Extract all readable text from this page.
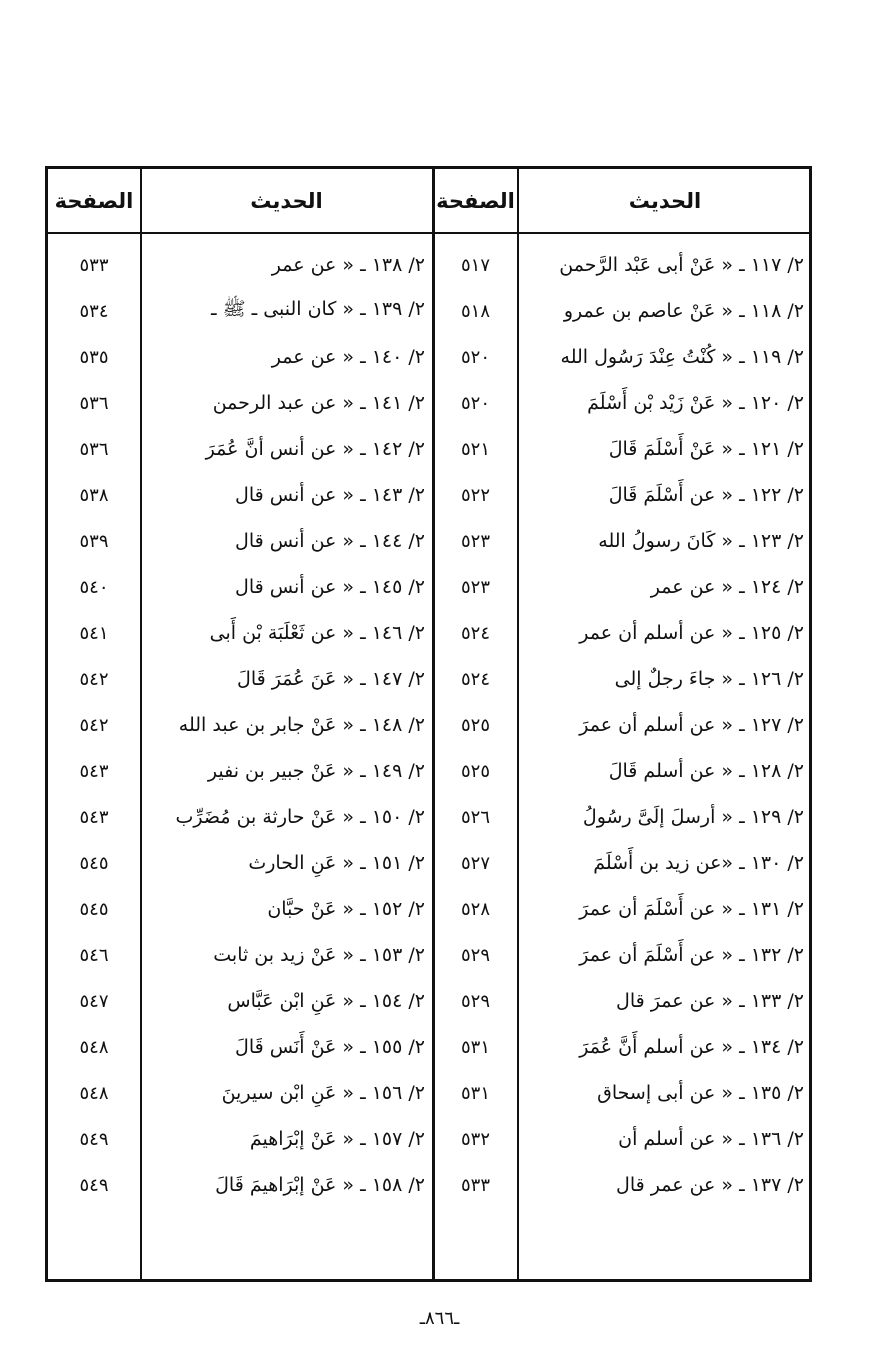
الحديث
الصفحة
الحديث
الصفحة
٢/ ١١٧ ـ « عَنْ أبى عَبْد الرَّحمن
٥١٧
٢/ ١٣٨ ـ « عن عمر
٥٣٣
٢/ ١١٨ ـ « عَنْ عاصم بن عمرو
٥١٨
٢/ ١٣٩ ـ « كان النبى ـ ﷺ ـ
٥٣٤
٢/ ١١٩ ـ « كُنْتُ عِنْدَ رَسُول الله
٥٢٠
٢/ ١٤٠ ـ « عن عمر
٥٣٥
٢/ ١٢٠ ـ « عَنْ زَيْد بْن أَسْلَمَ
٥٢٠
٢/ ١٤١ ـ « عن عبد الرحمن
٥٣٦
٢/ ١٢١ ـ « عَنْ أَسْلَمَ قَالَ
٥٢١
٢/ ١٤٢ ـ « عن أنس أنَّ عُمَرَ
٥٣٦
٢/ ١٢٢ ـ « عن أَسْلَمَ قَالَ
٥٢٢
٢/ ١٤٣ ـ « عن أنس قال
٥٣٨
٢/ ١٢٣ ـ « كَانَ رسولُ الله
٥٢٣
٢/ ١٤٤ ـ « عن أنس قال
٥٣٩
٢/ ١٢٤ ـ « عن عمر
٥٢٣
٢/ ١٤٥ ـ « عن أنس قال
٥٤٠
٢/ ١٢٥ ـ « عن أسلم أن عمر
٥٢٤
٢/ ١٤٦ ـ « عن ثَعْلَبَة بْن أَبى
٥٤١
٢/ ١٢٦ ـ « جاءَ رجلٌ إلى
٥٢٤
٢/ ١٤٧ ـ « عَنَ عُمَرَ قَالَ
٥٤٢
٢/ ١٢٧ ـ « عن أسلم أن عمرَ
٥٢٥
٢/ ١٤٨ ـ « عَنْ جابر بن عبد الله
٥٤٢
٢/ ١٢٨ ـ « عن أسلم قَالَ
٥٢٥
٢/ ١٤٩ ـ « عَنْ جبير بن نفير
٥٤٣
٢/ ١٢٩ ـ « أرسلَ إلَىَّ رسُولُ
٥٢٦
٢/ ١٥٠ ـ « عَنْ حارثة بن مُضَرِّب
٥٤٣
٢/ ١٣٠ ـ «عن زيد بن أَسْلَمَ
٥٢٧
٢/ ١٥١ ـ « عَنِ الحارث
٥٤٥
٢/ ١٣١ ـ « عن أَسْلَمَ أن عمرَ
٥٢٨
٢/ ١٥٢ ـ « عَنْ حبَّان
٥٤٥
٢/ ١٣٢ ـ « عن أَسْلَمَ أن عمرَ
٥٢٩
٢/ ١٥٣ ـ « عَنْ زيد بن ثابت
٥٤٦
٢/ ١٣٣ ـ « عن عمرَ قال
٥٢٩
٢/ ١٥٤ ـ « عَنِ ابْن عَبَّاس
٥٤٧
٢/ ١٣٤ ـ « عن أسلم أَنَّ عُمَرَ
٥٣١
٢/ ١٥٥ ـ « عَنْ أَنَس قَالَ
٥٤٨
٢/ ١٣٥ ـ « عن أبى إسحاق
٥٣١
٢/ ١٥٦ ـ « عَنِ ابْن سيرينَ
٥٤٨
٢/ ١٣٦ ـ « عن أسلم أن
٥٣٢
٢/ ١٥٧ ـ « عَنْ إبْرَاهيمَ
٥٤٩
٢/ ١٣٧ ـ « عن عمر قال
٥٣٣
٢/ ١٥٨ ـ « عَنْ إبْرَاهيمَ قَالَ
٥٤٩
ـ٨٦٦ـ
